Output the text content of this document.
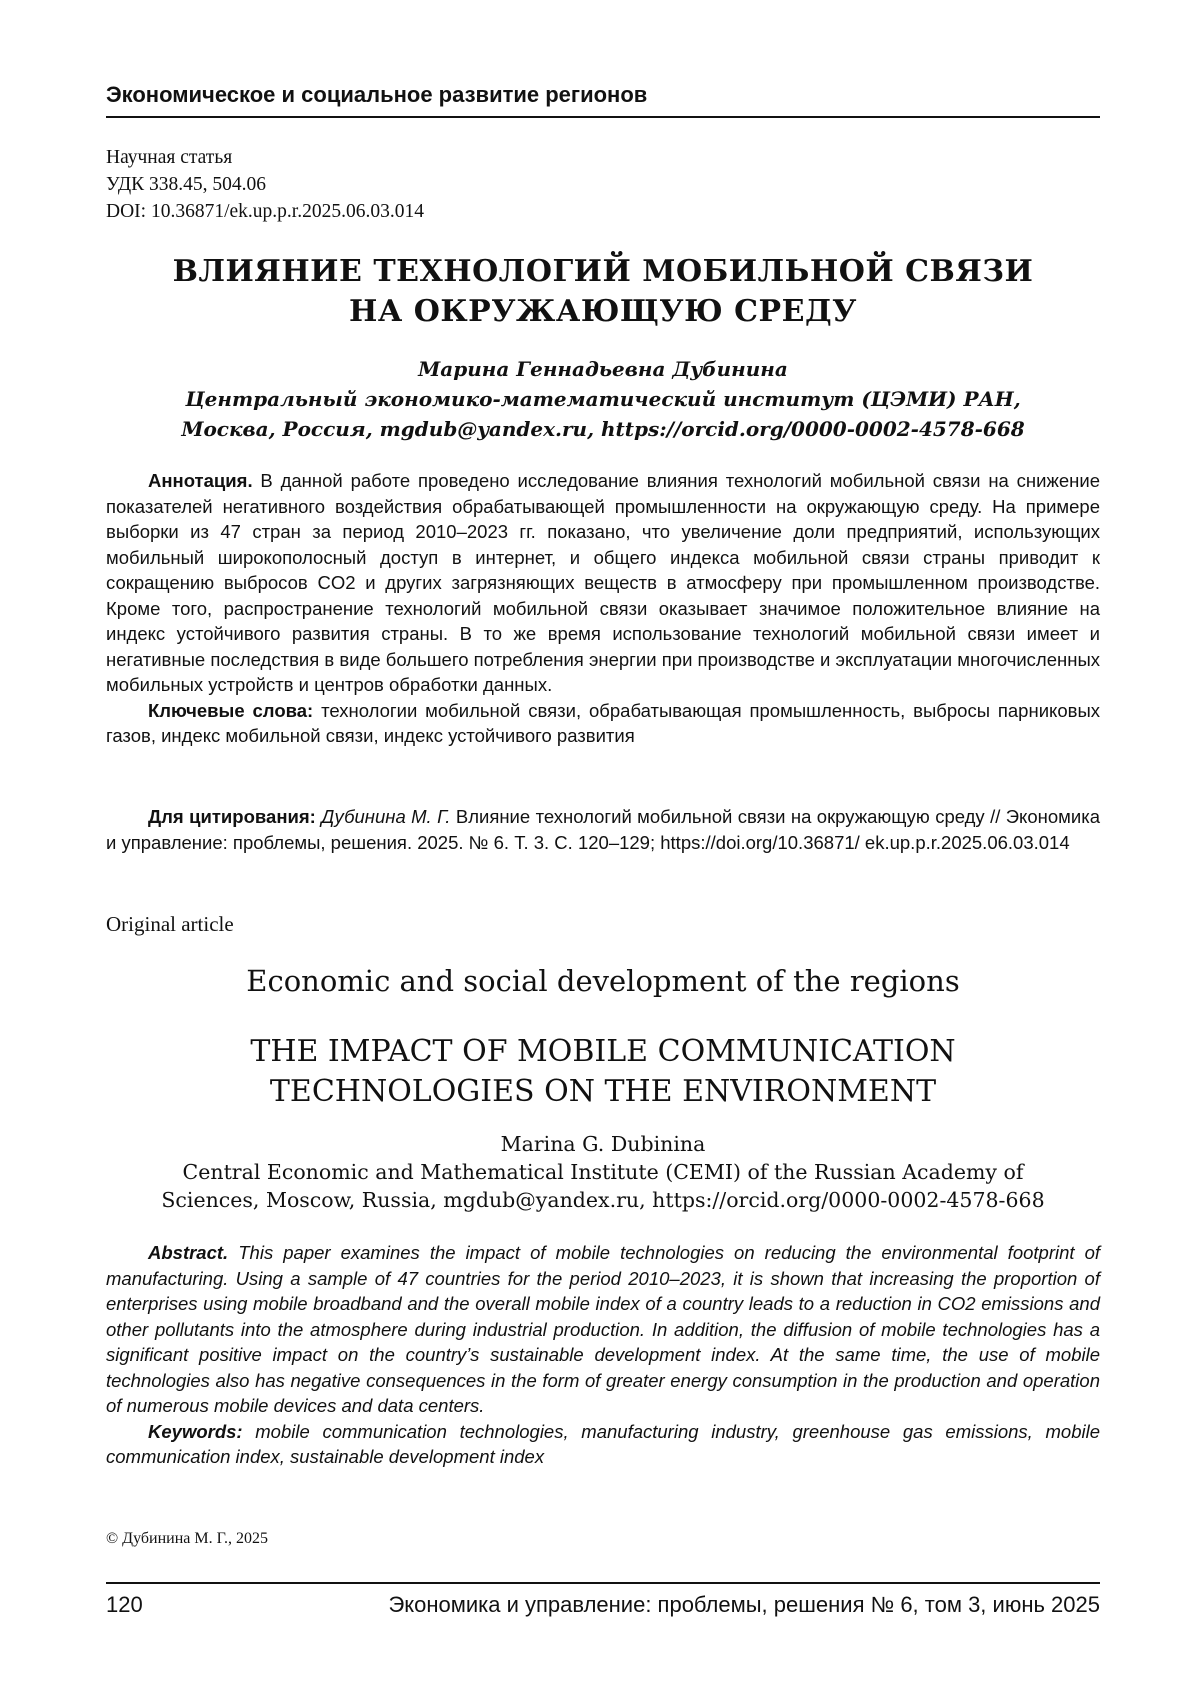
Экономическое и социальное развитие регионов
Научная статья
УДК 338.45, 504.06
DOI: 10.36871/ek.up.p.r.2025.06.03.014
ВЛИЯНИЕ ТЕХНОЛОГИЙ МОБИЛЬНОЙ СВЯЗИ
НА ОКРУЖАЮЩУЮ СРЕДУ
Марина Геннадьевна Дубинина
Центральный экономико-математический институт (ЦЭМИ) РАН,
Москва, Россия, mgdub@yandex.ru, https://orcid.org/0000-0002-4578-668

Аннотация. В данной работе проведено исследование влияния технологий мобильной связи на снижение показателей негативного воздействия обрабатывающей промышленности на окружающую среду. На примере выборки из 47 стран за период 2010–2023 гг. показано, что увеличение доли предприятий, использующих мобильный широкополосный доступ в интернет, и общего индекса мобильной связи страны приводит к сокращению выбросов CO2 и других загрязняющих веществ в атмосферу при промышленном производстве. Кроме того, распространение технологий мобильной связи оказывает значимое положительное влияние на индекс устойчивого развития страны. В то же время использование технологий мобильной связи имеет и негативные последствия в виде большего потребления энергии при производстве и эксплуатации многочисленных мобильных устройств и центров обработки данных.

Ключевые слова: технологии мобильной связи, обрабатывающая промышленность, выбросы парниковых газов, индекс мобильной связи, индекс устойчивого развития

Для цитирования: Дубинина М. Г. Влияние технологий мобильной связи на окружающую среду // Экономика и управление: проблемы, решения. 2025. № 6. Т. 3. С. 120–129; https://doi.org/10.36871/ ek.up.p.r.2025.06.03.014

Original article
Economic and social development of the regions
THE IMPACT OF MOBILE COMMUNICATION
TECHNOLOGIES ON THE ENVIRONMENT
Marina G. Dubinina
Central Economic and Mathematical Institute (CEMI) of the Russian Academy of
Sciences, Moscow, Russia, mgdub@yandex.ru, https://orcid.org/0000-0002-4578-668

Abstract. This paper examines the impact of mobile technologies on reducing the environmental footprint of manufacturing. Using a sample of 47 countries for the period 2010–2023, it is shown that increasing the proportion of enterprises using mobile broadband and the overall mobile index of a country leads to a reduction in CO2 emissions and other pollutants into the atmosphere during industrial production. In addition, the diffusion of mobile technologies has a significant positive impact on the country’s sustainable development index. At the same time, the use of mobile technologies also has negative consequences in the form of greater energy consumption in the production and operation of numerous mobile devices and data centers.

Keywords: mobile communication technologies, manufacturing industry, greenhouse gas emissions, mobile communication index, sustainable development index

© Дубинина М. Г., 2025
120	Экономика и управление: проблемы, решения № 6, том 3, июнь 2025
